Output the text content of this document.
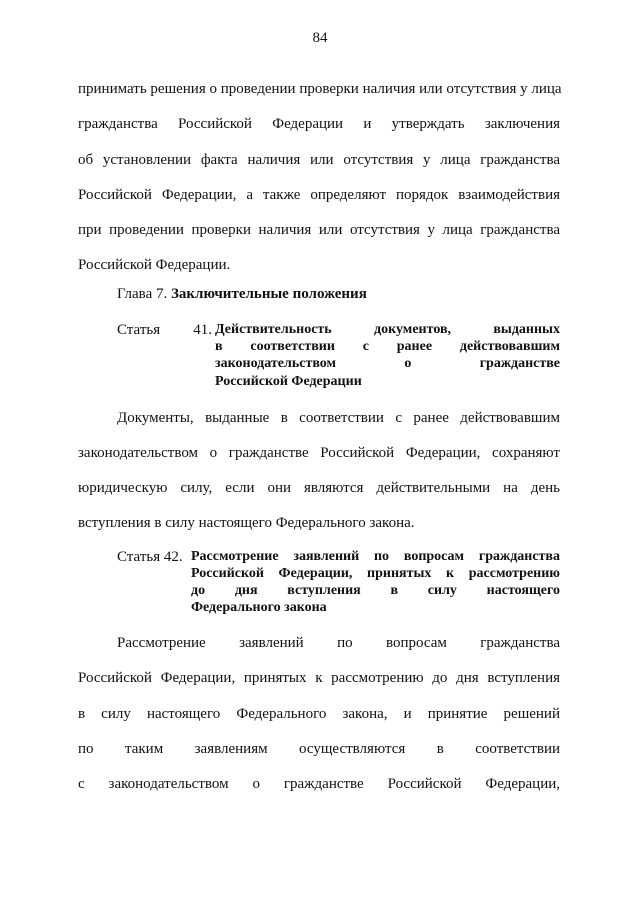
84
принимать решения о проведении проверки наличия или отсутствия у лица
гражданства Российской Федерации и утверждать заключения
об установлении факта наличия или отсутствия у лица гражданства
Российской Федерации, а также определяют порядок взаимодействия
при проведении проверки наличия или отсутствия у лица гражданства
Российской Федерации.
Глава 7. Заключительные положения
Статья 41. Действительность документов, выданных
в соответствии с ранее действовавшим
законодательством о гражданстве
Российской Федерации
Документы, выданные в соответствии с ранее действовавшим
законодательством о гражданстве Российской Федерации, сохраняют
юридическую силу, если они являются действительными на день
вступления в силу настоящего Федерального закона.
Статья 42. Рассмотрение заявлений по вопросам гражданства
Российской Федерации, принятых к рассмотрению
до дня вступления в силу настоящего
Федерального закона
Рассмотрение заявлений по вопросам гражданства
Российской Федерации, принятых к рассмотрению до дня вступления
в силу настоящего Федерального закона, и принятие решений
по таким заявлениям осуществляются в соответствии
с законодательством о гражданстве Российской Федерации,
